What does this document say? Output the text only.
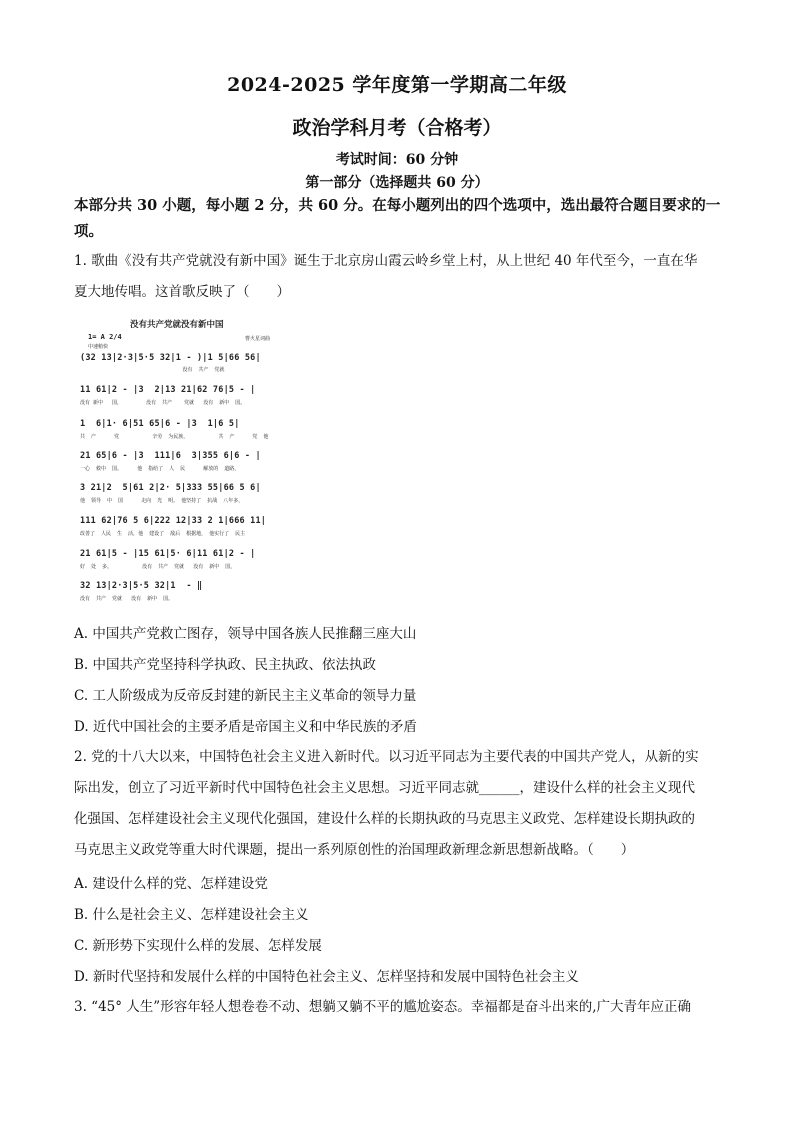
2024-2025 学年度第一学期高二年级
政治学科月考（合格考）
考试时间：60 分钟
第一部分（选择题共 60 分）
本部分共 30 小题，每小题 2 分，共 60 分。在每小题列出的四个选项中，选出最符合题目要求的一项。
1. 歌曲《没有共产党就没有新中国》诞生于北京房山霞云岭乡堂上村，从上世纪 40 年代至今，一直在华
夏大地传唱。这首歌反映了（　　）
没有共产党就没有新中国
1= A 2/4
中速稍快
曹火星词曲
(32 13|2·3|5·5 32|1 - )|1 5|66 56|
没有  共产  党就
11 61|2 - |3  2|13 21|62 76|5 - |
没有 新中   国，        没有  共产    党就   没有  新中  国。
1  6|1· 6|51 65|6 - |3  1|6 5|
共  产      党           辛劳  为民族，          共  产      党  他
21 65|6 - |3  111|6  3|355 6|6 - |
一心  救中  国。     他  指给了  人  民      解放的  道路，
3 21|2  5|61 2|2· 5|333 55|66 5 6|
他  领导  中  国      走向  光  明。 他坚持了  抗战  八年多，
111 62|76 5 6|222 12|33 2 1|666 11|
改善了  人民  生  活，他  建设了  敌后  根据地， 他实行了  民主
21 61|5 - |15 61|5· 6|11 61|2 - |
好  处  多。          没有  共产  党就   没有  新中  国，
32 13|2·3|5·5 32|1  - ‖
没有  共产  党就   没有  新中  国。
A. 中国共产党救亡图存，领导中国各族人民推翻三座大山
B. 中国共产党坚持科学执政、民主执政、依法执政
C. 工人阶级成为反帝反封建的新民主主义革命的领导力量
D. 近代中国社会的主要矛盾是帝国主义和中华民族的矛盾
2. 党的十八大以来，中国特色社会主义进入新时代。以习近平同志为主要代表的中国共产党人，从新的实
际出发，创立了习近平新时代中国特色社会主义思想。习近平同志就______，建设什么样的社会主义现代
化强国、怎样建设社会主义现代化强国，建设什么样的长期执政的马克思主义政党、怎样建设长期执政的
马克思主义政党等重大时代课题，提出一系列原创性的治国理政新理念新思想新战略。（　　）
A. 建设什么样的党、怎样建设党
B. 什么是社会主义、怎样建设社会主义
C. 新形势下实现什么样的发展、怎样发展
D. 新时代坚持和发展什么样的中国特色社会主义、怎样坚持和发展中国特色社会主义
3. “45° 人生”形容年轻人想卷卷不动、想躺又躺不平的尴尬姿态。幸福都是奋斗出来的,广大青年应正确
